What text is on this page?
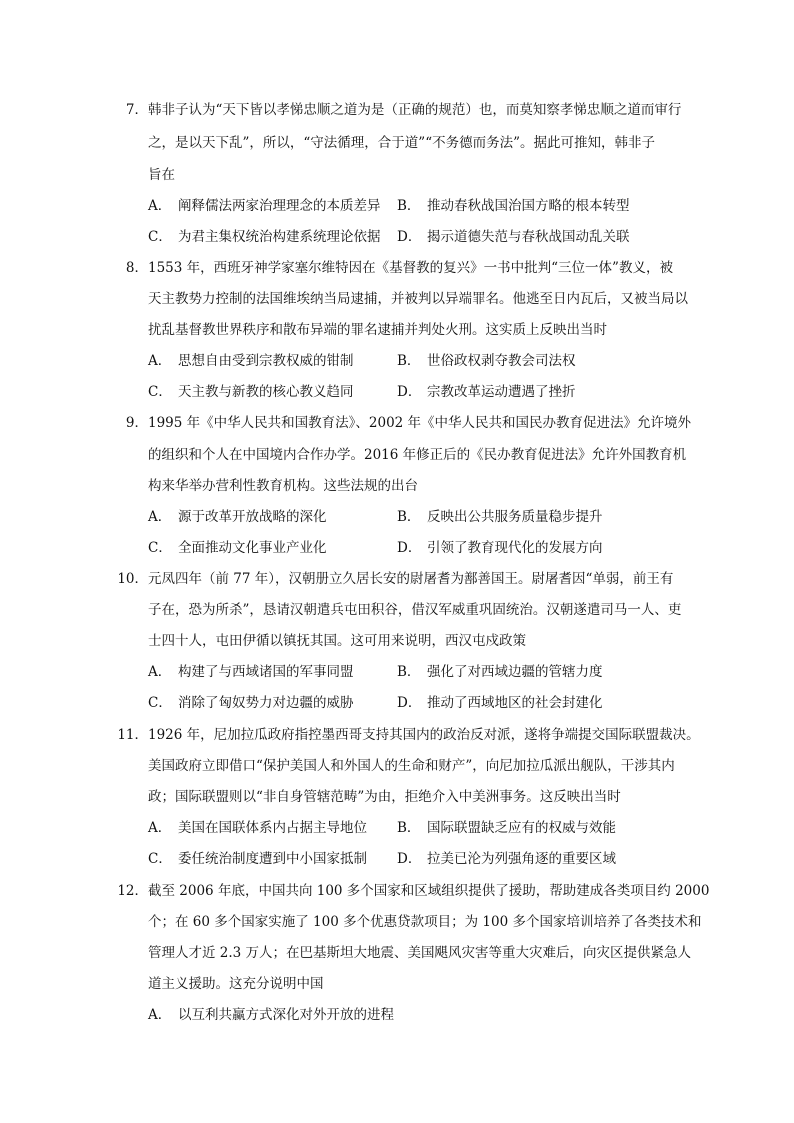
7．韩非子认为“天下皆以孝悌忠顺之道为是（正确的规范）也，而莫知察孝悌忠顺之道而审行
之，是以天下乱”，所以，“守法循理，合于道”“不务德而务法”。据此可推知，韩非子
旨在
A． 阐释儒法两家治理理念的本质差异 B． 推动春秋战国治国方略的根本转型
C． 为君主集权统治构建系统理论依据 D． 揭示道德失范与春秋战国动乱关联
8．1553 年，西班牙神学家塞尔维特因在《基督教的复兴》一书中批判“三位一体”教义，被
天主教势力控制的法国维埃纳当局逮捕，并被判以异端罪名。他逃至日内瓦后，又被当局以
扰乱基督教世界秩序和散布异端的罪名逮捕并判处火刑。这实质上反映出当时
A． 思想自由受到宗教权威的钳制	B． 世俗政权剥夺教会司法权
C． 天主教与新教的核心教义趋同	D． 宗教改革运动遭遇了挫折
9．1995 年《中华人民共和国教育法》、2002 年《中华人民共和国民办教育促进法》允许境外
的组织和个人在中国境内合作办学。2016 年修正后的《民办教育促进法》允许外国教育机
构来华举办营利性教育机构。这些法规的出台
A． 源于改革开放战略的深化	B． 反映出公共服务质量稳步提升
C． 全面推动文化事业产业化	D． 引领了教育现代化的发展方向
10．元凤四年（前 77 年），汉朝册立久居长安的尉屠耆为鄯善国王。尉屠耆因“单弱，前王有
子在，恐为所杀”，恳请汉朝遣兵屯田积谷，借汉军威重巩固统治。汉朝遂遣司马一人、吏
士四十人，屯田伊循以镇抚其国。这可用来说明，西汉屯戍政策
A． 构建了与西域诸国的军事同盟	B． 强化了对西域边疆的管辖力度
C． 消除了匈奴势力对边疆的威胁	D． 推动了西域地区的社会封建化
11．1926 年，尼加拉瓜政府指控墨西哥支持其国内的政治反对派，遂将争端提交国际联盟裁决。
美国政府立即借口“保护美国人和外国人的生命和财产”，向尼加拉瓜派出舰队，干涉其内
政；国际联盟则以“非自身管辖范畴”为由，拒绝介入中美洲事务。这反映出当时
A． 美国在国联体系内占据主导地位 B． 国际联盟缺乏应有的权威与效能
C． 委任统治制度遭到中小国家抵制 D． 拉美已沦为列强角逐的重要区域
12．截至 2006 年底，中国共向 100 多个国家和区域组织提供了援助，帮助建成各类项目约 2000
个；在 60 多个国家实施了 100 多个优惠贷款项目；为 100 多个国家培训培养了各类技术和
管理人才近 2.3 万人；在巴基斯坦大地震、美国飓风灾害等重大灾难后，向灾区提供紧急人
道主义援助。这充分说明中国
A． 以互利共赢方式深化对外开放的进程
